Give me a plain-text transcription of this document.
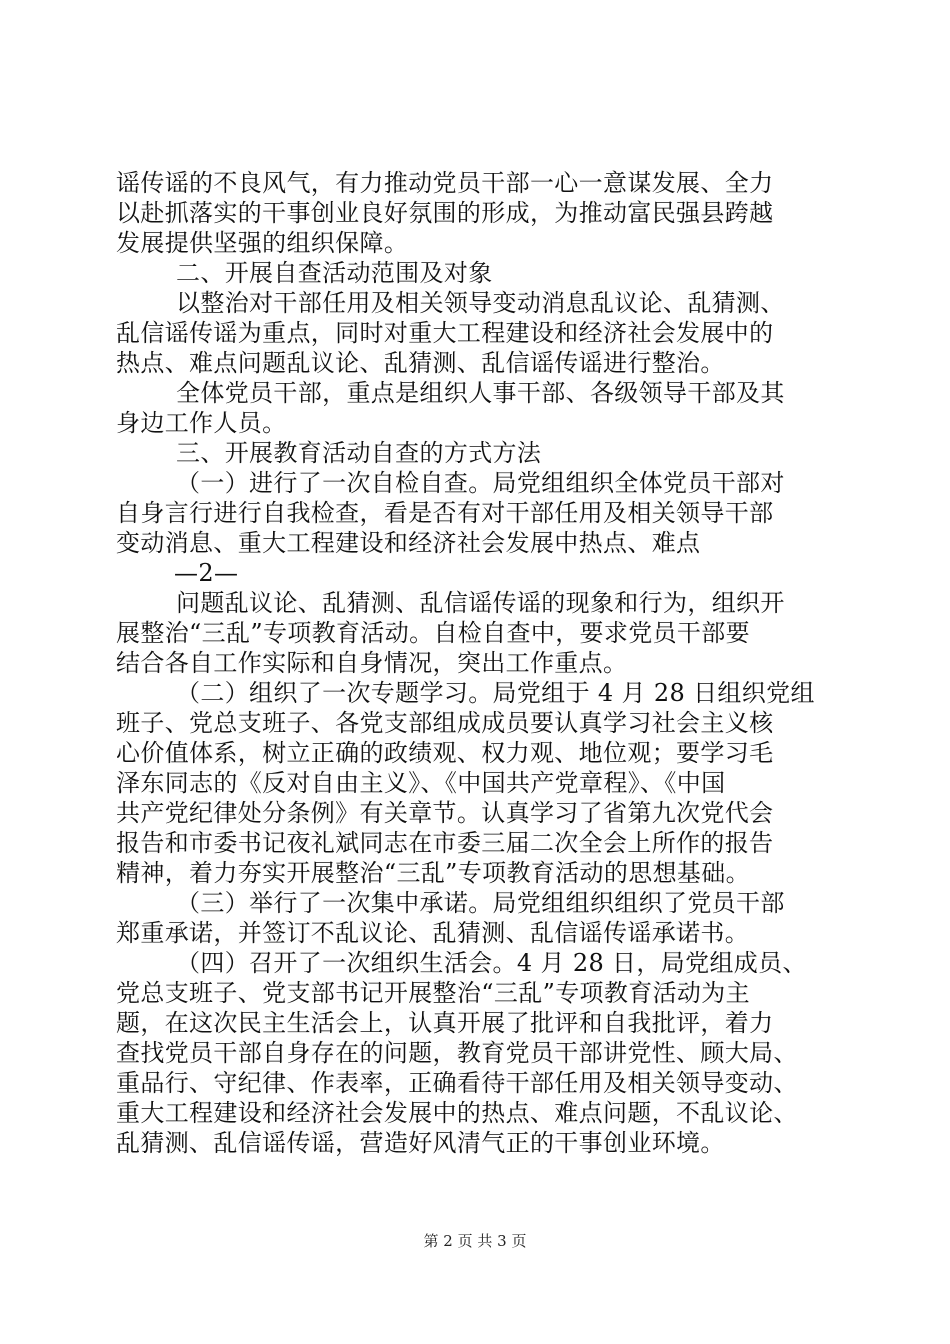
谣传谣的不良风气，有力推动党员干部一心一意谋发展、全力
以赴抓落实的干事创业良好氛围的形成，为推动富民强县跨越
发展提供坚强的组织保障。
二、开展自查活动范围及对象
以整治对干部任用及相关领导变动消息乱议论、乱猜测、
乱信谣传谣为重点，同时对重大工程建设和经济社会发展中的
热点、难点问题乱议论、乱猜测、乱信谣传谣进行整治。
全体党员干部，重点是组织人事干部、各级领导干部及其
身边工作人员。
三、开展教育活动自查的方式方法
（一）进行了一次自检自查。局党组组织全体党员干部对
自身言行进行自我检查，看是否有对干部任用及相关领导干部
变动消息、重大工程建设和经济社会发展中热点、难点
—2—
问题乱议论、乱猜测、乱信谣传谣的现象和行为，组织开
展整治“三乱”专项教育活动。自检自查中，要求党员干部要
结合各自工作实际和自身情况，突出工作重点。
（二）组织了一次专题学习。局党组于 4 月 28 日组织党组
班子、党总支班子、各党支部组成成员要认真学习社会主义核
心价值体系，树立正确的政绩观、权力观、地位观；要学习毛
泽东同志的《反对自由主义》、《中国共产党章程》、《中国
共产党纪律处分条例》有关章节。认真学习了省第九次党代会
报告和市委书记夜礼斌同志在市委三届二次全会上所作的报告
精神，着力夯实开展整治“三乱”专项教育活动的思想基础。
（三）举行了一次集中承诺。局党组组织组织了党员干部
郑重承诺，并签订不乱议论、乱猜测、乱信谣传谣承诺书。
（四）召开了一次组织生活会。4 月 28 日，局党组成员、
党总支班子、党支部书记开展整治“三乱”专项教育活动为主
题，在这次民主生活会上，认真开展了批评和自我批评，着力
查找党员干部自身存在的问题，教育党员干部讲党性、顾大局、
重品行、守纪律、作表率，正确看待干部任用及相关领导变动、
重大工程建设和经济社会发展中的热点、难点问题，不乱议论、
乱猜测、乱信谣传谣，营造好风清气正的干事创业环境。
第 2 页 共 3 页
